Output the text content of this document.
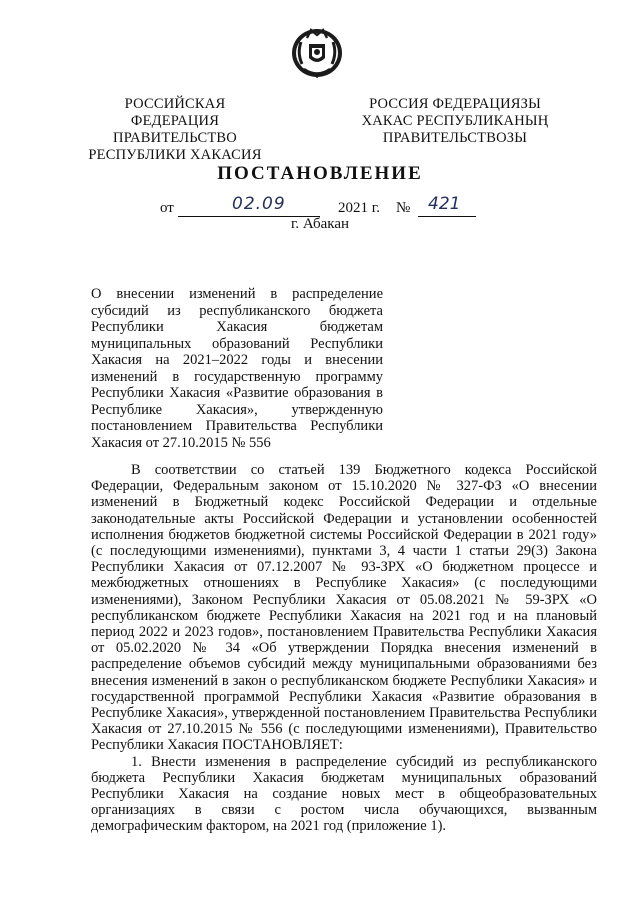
РОССИЙСКАЯ ФЕДЕРАЦИЯ
ПРАВИТЕЛЬСТВО
РЕСПУБЛИКИ ХАКАСИЯ
РОССИЯ ФЕДЕРАЦИЯЗЫ
ХАКАС РЕСПУБЛИКАНЫҢ
ПРАВИТЕЛЬСТВОЗЫ
ПОСТАНОВЛЕНИЕ
от	02.09	2021 г. № 421
г. Абакан
О внесении изменений в распределение субсидий из республиканского бюджета Республики Хакасия бюджетам муниципальных образований Республики Хакасия на 2021–2022 годы и внесении изменений в государственную программу Республики Хакасия «Развитие образования в Республике Хакасия», утвержденную постановлением Правительства Республики Хакасия от 27.10.2015 № 556

В соответствии со статьей 139 Бюджетного кодекса Российской Федерации, Федеральным законом от 15.10.2020 № 327-ФЗ «О внесении изменений в Бюджетный кодекс Российской Федерации и отдельные законодательные акты Российской Федерации и установлении особенностей исполнения бюджетов бюджетной системы Российской Федерации в 2021 году» (с последующими изменениями), пунктами 3, 4 части 1 статьи 29(3) Закона Республики Хакасия от 07.12.2007 № 93-ЗРХ «О бюджетном процессе и межбюджетных отношениях в Республике Хакасия» (с последующими изменениями), Законом Республики Хакасия от 05.08.2021 № 59-ЗРХ «О республиканском бюджете Республики Хакасия на 2021 год и на плановый период 2022 и 2023 годов», постановлением Правительства Республики Хакасия от 05.02.2020 № 34 «Об утверждении Порядка внесения изменений в распределение объемов субсидий между муниципальными образованиями без внесения изменений в закон о республиканском бюджете Республики Хакасия» и государственной программой Республики Хакасия «Развитие образования в Республике Хакасия», утвержденной постановлением Правительства Республики Хакасия от 27.10.2015 № 556 (с последующими изменениями), Правительство Республики Хакасия ПОСТАНОВЛЯЕТ:

1. Внести изменения в распределение субсидий из республиканского бюджета Республики Хакасия бюджетам муниципальных образований Республики Хакасия на создание новых мест в общеобразовательных организациях в связи с ростом числа обучающихся, вызванным демографическим фактором, на 2021 год (приложение 1).
